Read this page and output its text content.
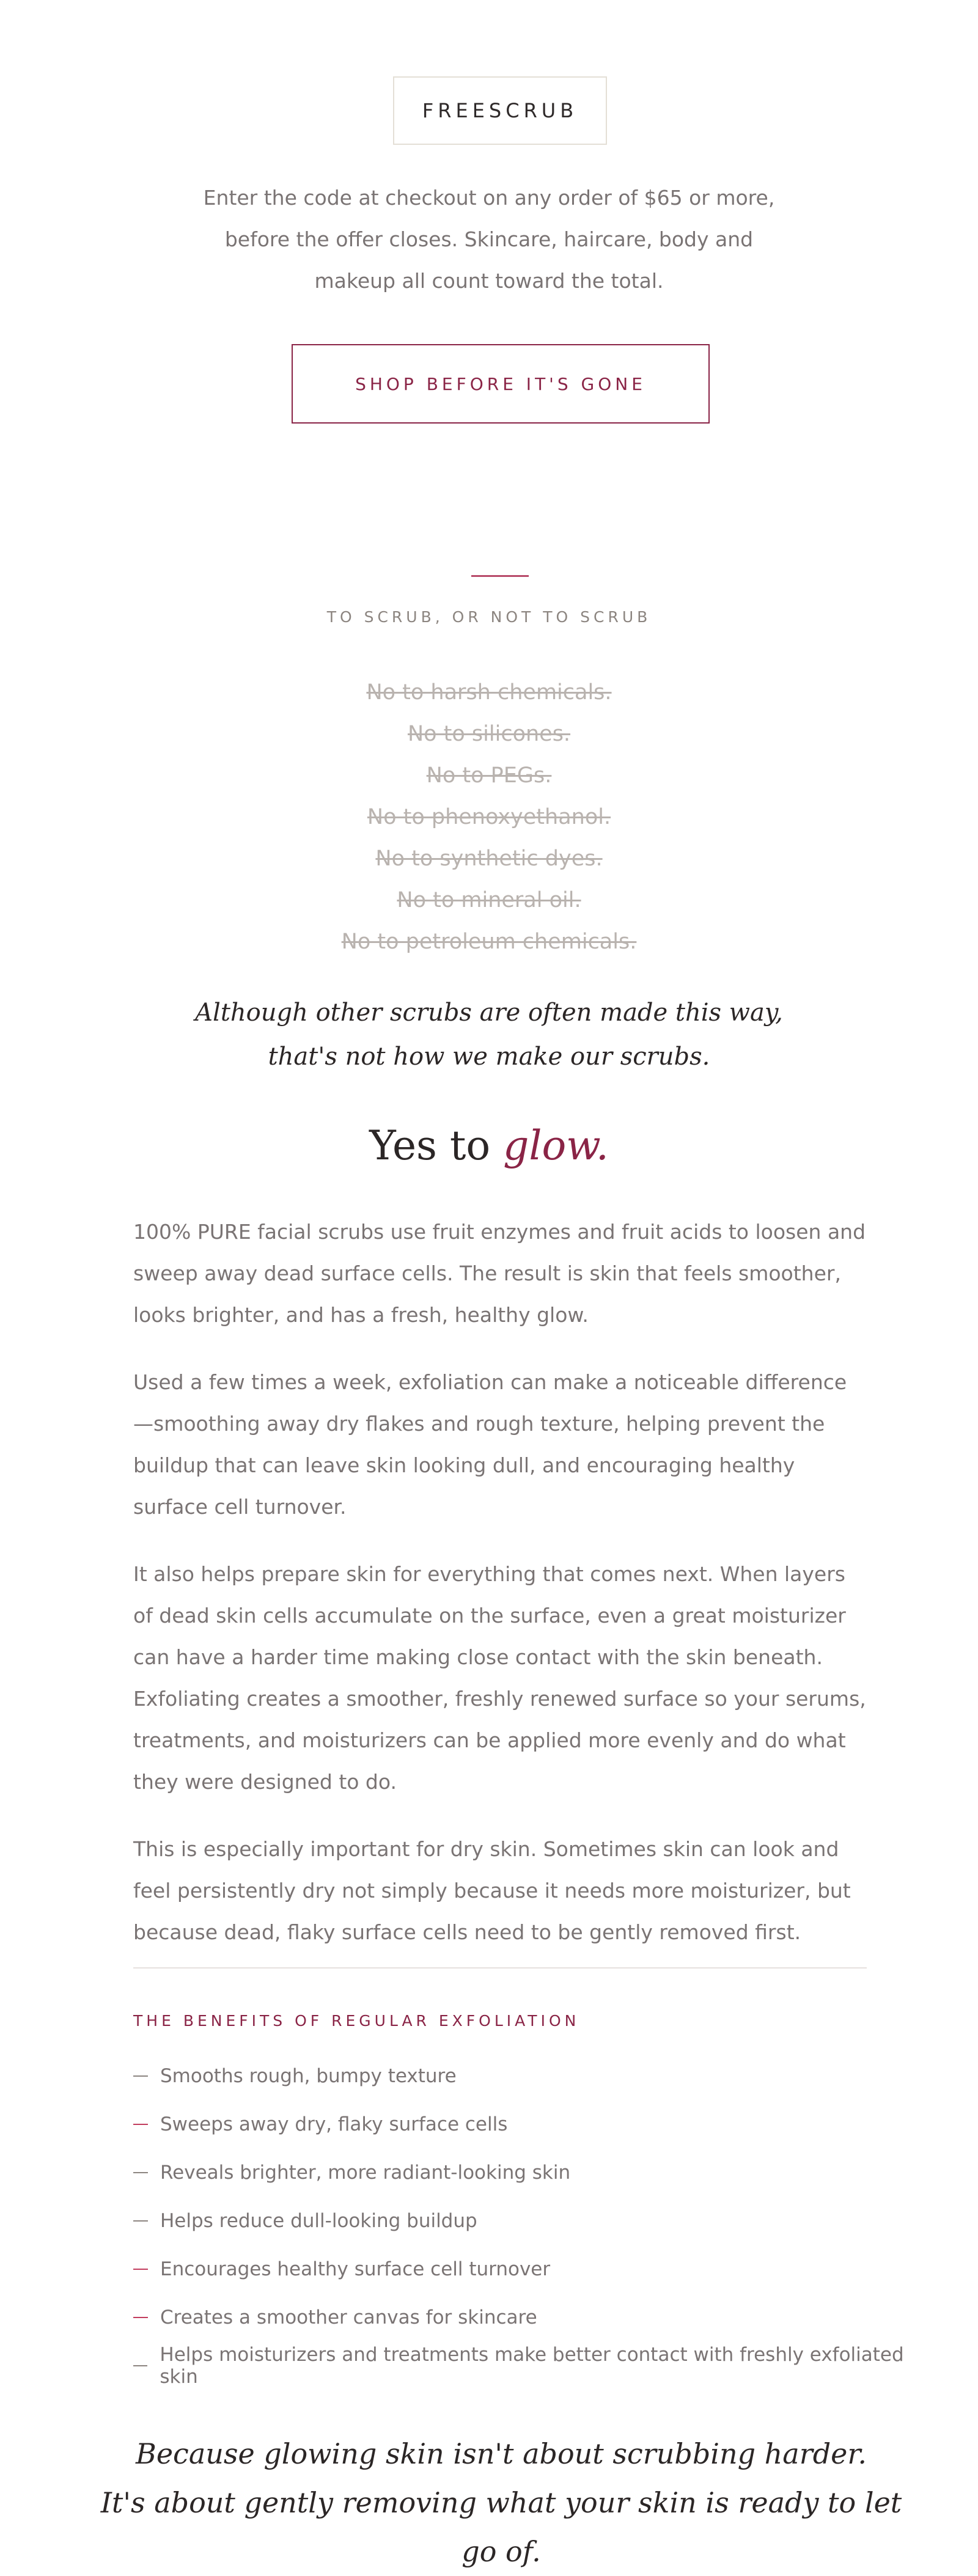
FREESCRUB
Enter the code at checkout on any order of $65 or more, before the offer closes. Skincare, haircare, body and makeup all count toward the total.
SHOP BEFORE IT'S GONE
TO SCRUB, OR NOT TO SCRUB
No to harsh chemicals.
No to silicones.
No to PEGs.
No to phenoxyethanol.
No to synthetic dyes.
No to mineral oil.
No to petroleum chemicals.
Although other scrubs are often made this way,
that's not how we make our scrubs.
Yes to glow.

100% PURE facial scrubs use fruit enzymes and fruit acids to loosen and sweep away dead surface cells. The result is skin that feels smoother, looks brighter, and has a fresh, healthy glow.

Used a few times a week, exfoliation can make a noticeable difference—smoothing away dry flakes and rough texture, helping prevent the buildup that can leave skin looking dull, and encouraging healthy surface cell turnover.

It also helps prepare skin for everything that comes next. When layers of dead skin cells accumulate on the surface, even a great moisturizer can have a harder time making close contact with the skin beneath. Exfoliating creates a smoother, freshly renewed surface so your serums, treatments, and moisturizers can be applied more evenly and do what they were designed to do.

This is especially important for dry skin. Sometimes skin can look and feel persistently dry not simply because it needs more moisturizer, but because dead, flaky surface cells need to be gently removed first.

THE BENEFITS OF REGULAR EXFOLIATION
Smooths rough, bumpy texture
Sweeps away dry, flaky surface cells
Reveals brighter, more radiant-looking skin
Helps reduce dull-looking buildup
Encourages healthy surface cell turnover
Creates a smoother canvas for skincare
Helps moisturizers and treatments make better contact with freshly exfoliated skin
Because glowing skin isn't about scrubbing harder.
It's about gently removing what your skin is ready to let go of.
